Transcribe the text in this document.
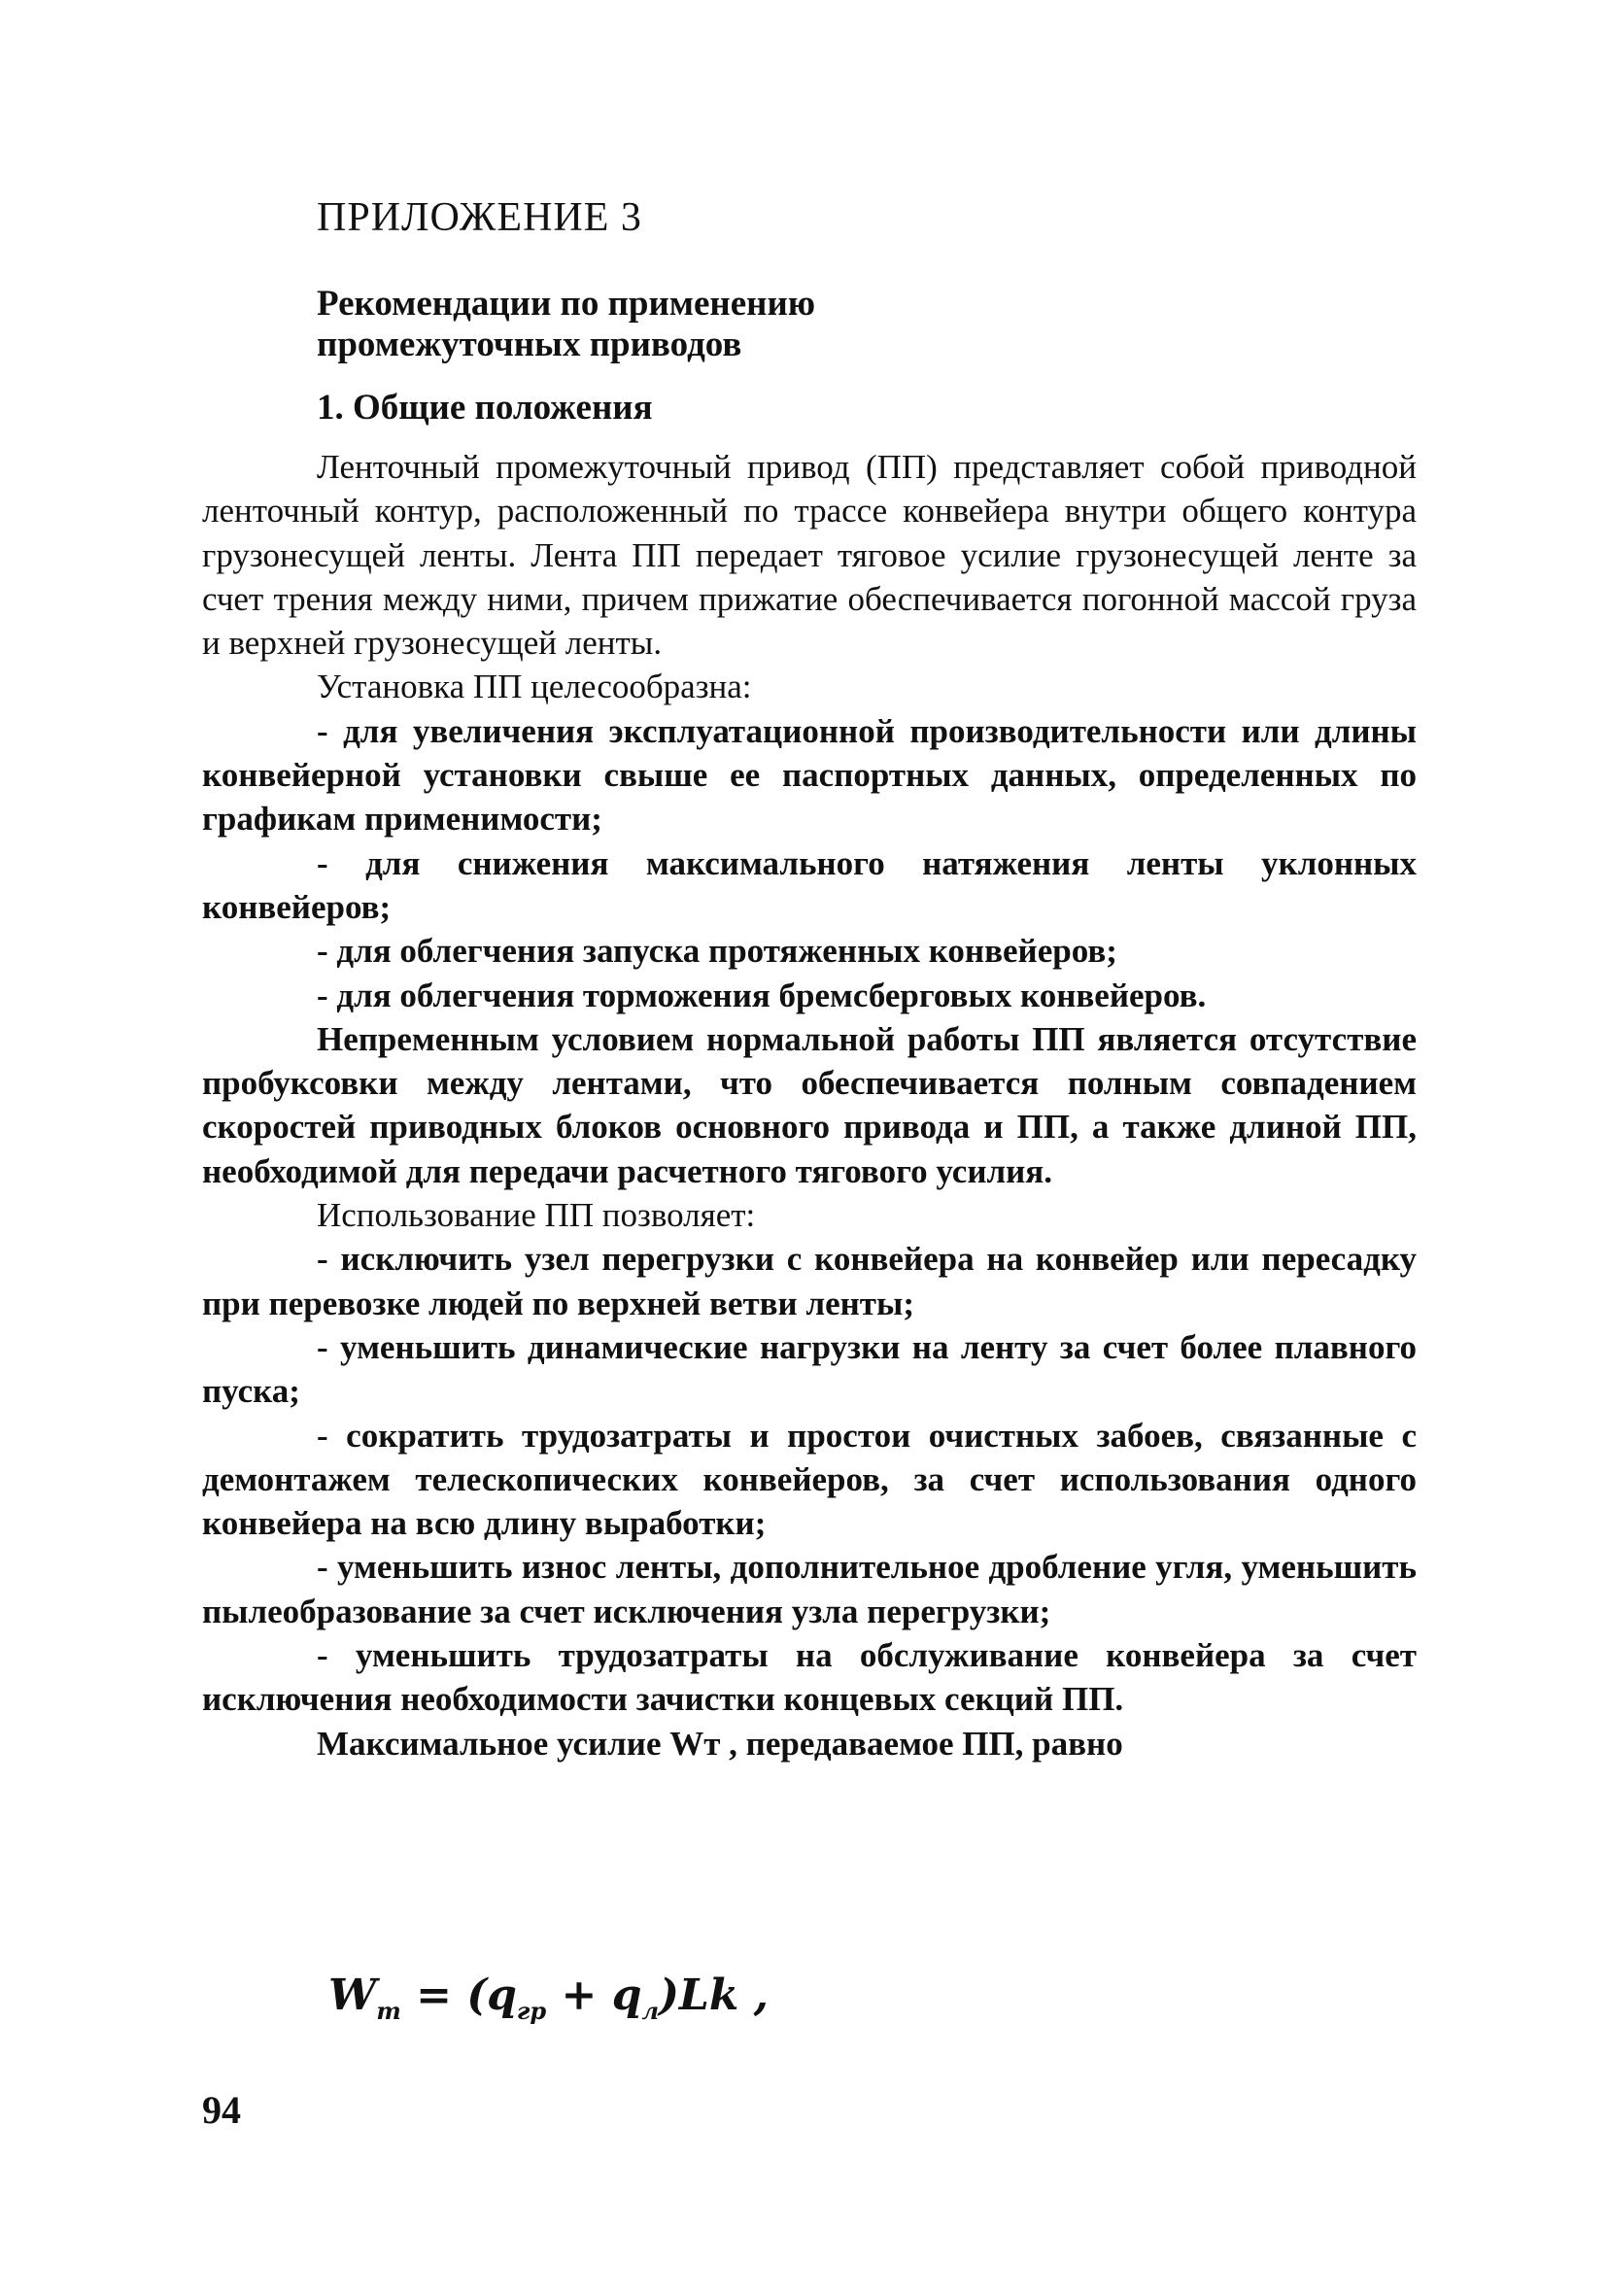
ПРИЛОЖЕНИЕ 3
Рекомендации по применению
промежуточных приводов
1. Общие положения

Ленточный промежуточный привод (ПП) представляет собой приводной ленточный контур, расположенный по трассе конвейера внутри общего контура грузонесущей ленты. Лента ПП передает тяговое усилие грузонесущей ленте за счет трения между ними, причем прижатие обеспечивается погонной массой груза и верхней грузонесущей ленты.

Установка ПП целесообразна:

- для увеличения эксплуатационной производительности или длины конвейерной установки свыше ее паспортных данных, определенных по графикам применимости;

- для снижения максимального натяжения ленты уклонных конвейеров;

- для облегчения запуска протяженных конвейеров;

- для облегчения торможения бремсберговых конвейеров.

Непременным условием нормальной работы ПП является отсутствие пробуксовки между лентами, что обеспечивается полным совпадением скоростей приводных блоков основного привода и ПП, а также длиной ПП, необходимой для передачи расчетного тягового усилия.

Использование ПП позволяет:

- исключить узел перегрузки с конвейера на конвейер или пересадку при перевозке людей по верхней ветви ленты;

- уменьшить динамические нагрузки на ленту за счет более плавного пуска;

- сократить трудозатраты и простои очистных забоев, связанные с демонтажем телескопических конвейеров, за счет использования одного конвейера на всю длину выработки;

- уменьшить износ ленты, дополнительное дробление угля, уменьшить пылеобразование за счет исключения узла перегрузки;

- уменьшить трудозатраты на обслуживание конвейера за счет исключения необходимости зачистки концевых секций ПП.

Максимальное усилие Wт , передаваемое ПП, равно

$W_т = (q_{гр} + q_л)Lk$ ,
94
